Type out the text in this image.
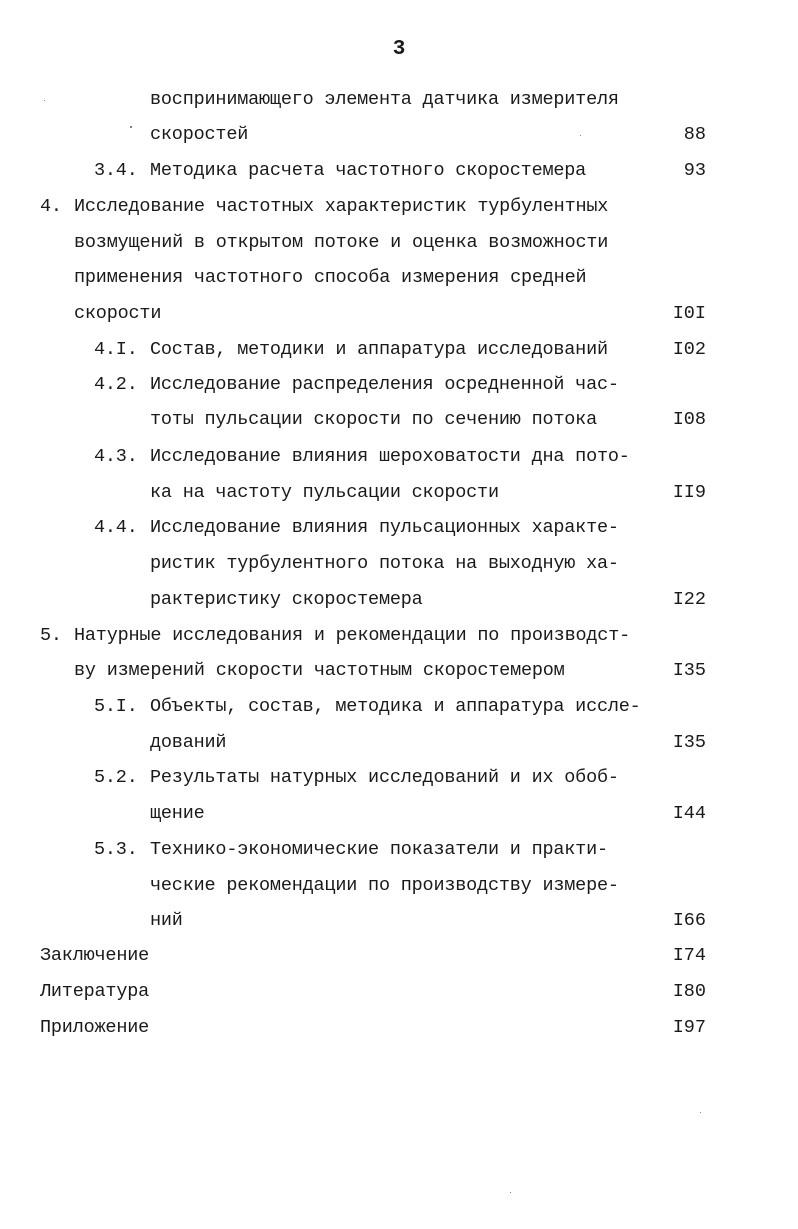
3
воспринимающего элемента датчика измерителя
скоростей	88
3.4. Методика расчета частотного скоростемера	93
4. Исследование частотных характеристик турбулентных
возмущений в открытом потоке и оценка возможности
применения частотного способа измерения средней
скорости	I0I
4.I. Состав, методики и аппаратура исследований	I02
4.2. Исследование распределения осредненной час-
тоты пульсации скорости по сечению потока	I08
4.3. Исследование влияния шероховатости дна пото-
ка на частоту пульсации скорости	II9
4.4. Исследование влияния пульсационных характе-
ристик турбулентного потока на выходную ха-
рактеристику скоростемера	I22
5. Натурные исследования и рекомендации по производст-
ву измерений скорости частотным скоростемером	I35
5.I. Объекты, состав, методика и аппаратура иссле-
дований	I35
5.2. Результаты натурных исследований и их обоб-
щение	I44
5.3. Технико-экономические показатели и практи-
ческие рекомендации по производству измере-
ний	I66
Заключение	I74
Литература	I80
Приложение	I97
